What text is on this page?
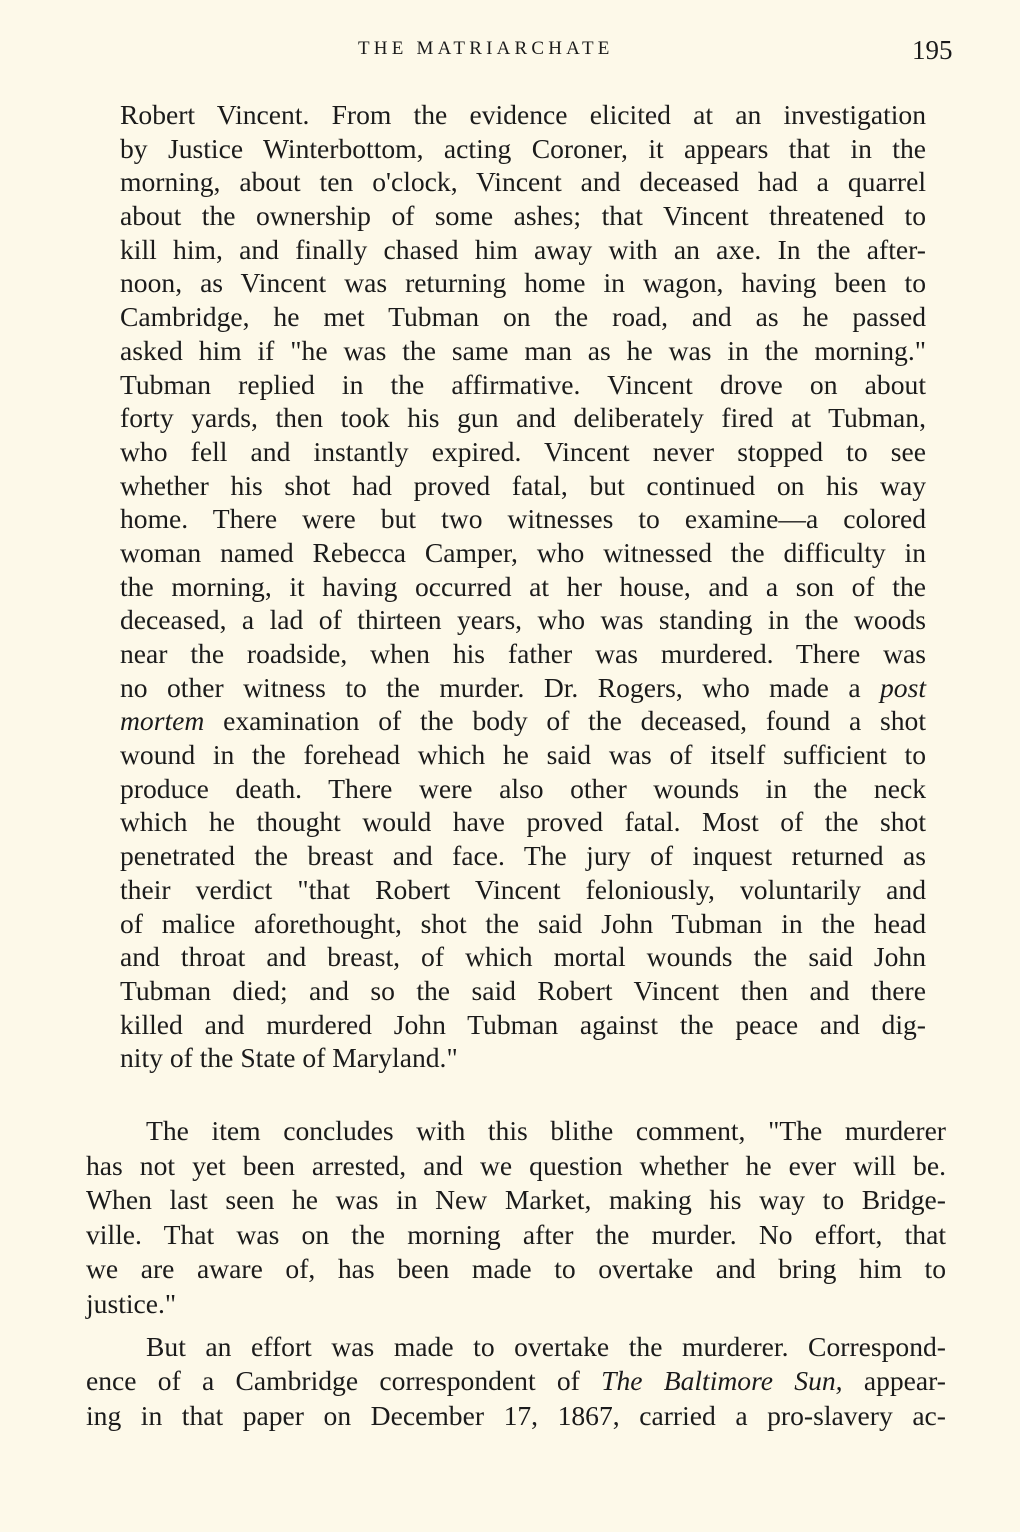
THE MATRIARCHATE	195
Robert Vincent. From the evidence elicited at an investigation
by Justice Winterbottom, acting Coroner, it appears that in the
morning, about ten o'clock, Vincent and deceased had a quarrel
about the ownership of some ashes; that Vincent threatened to
kill him, and finally chased him away with an axe. In the after-
noon, as Vincent was returning home in wagon, having been to
Cambridge, he met Tubman on the road, and as he passed
asked him if "he was the same man as he was in the morning."
Tubman replied in the affirmative. Vincent drove on about
forty yards, then took his gun and deliberately fired at Tubman,
who fell and instantly expired. Vincent never stopped to see
whether his shot had proved fatal, but continued on his way
home. There were but two witnesses to examine—a colored
woman named Rebecca Camper, who witnessed the difficulty in
the morning, it having occurred at her house, and a son of the
deceased, a lad of thirteen years, who was standing in the woods
near the roadside, when his father was murdered. There was
no other witness to the murder. Dr. Rogers, who made a post
mortem examination of the body of the deceased, found a shot
wound in the forehead which he said was of itself sufficient to
produce death. There were also other wounds in the neck
which he thought would have proved fatal. Most of the shot
penetrated the breast and face. The jury of inquest returned as
their verdict "that Robert Vincent feloniously, voluntarily and
of malice aforethought, shot the said John Tubman in the head
and throat and breast, of which mortal wounds the said John
Tubman died; and so the said Robert Vincent then and there
killed and murdered John Tubman against the peace and dig-
nity of the State of Maryland."
The item concludes with this blithe comment, "The murderer
has not yet been arrested, and we question whether he ever will be.
When last seen he was in New Market, making his way to Bridge-
ville. That was on the morning after the murder. No effort, that
we are aware of, has been made to overtake and bring him to
justice."
But an effort was made to overtake the murderer. Correspond-
ence of a Cambridge correspondent of The Baltimore Sun, appear-
ing in that paper on December 17, 1867, carried a pro-slavery ac-
